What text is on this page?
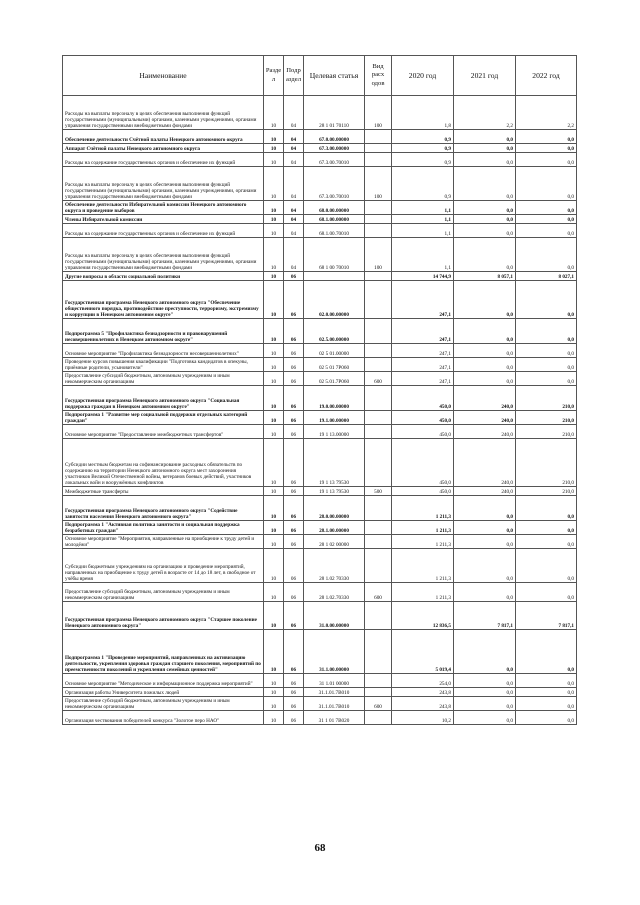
Наименование	Разде л	Подр аздел	Целевая статья	Вид расх одов	2020 год	2021 год	2022 год
Расходы на выплаты персоналу в целях обеспечения выполнения функций государственными (муниципальными) органами, казенными учреждениями, органами управления государственными внебюджетными фондами	10	04	28 1 01 70110	100	1,8	2,2	2,2
Обеспечение деятельности Счётной палаты Ненецкого автономного округа	10	04	67.0.00.00000		0,9	0,0	0,0
Аппарат Счётной палаты Ненецкого автономного округа	10	04	67.3.00.00000		0,9	0,0	0,0
Расходы на содержание государственных органов и обеспечение их функций	10	04	67.3.00.70010		0,9	0,0	0,0
Расходы на выплаты персоналу в целях обеспечения выполнения функций государственными (муниципальными) органами, казенными учреждениями, органами управления государственными внебюджетными фондами	10	04	67.3.00.70010	100	0,9	0,0	0,0
Обеспечение деятельности Избирательной комиссии Ненецкого автономного округа и проведение выборов	10	04	68.0.00.00000		1,1	0,0	0,0
Члены Избирательной комиссии	10	04	68.1.00.00000		1,1	0,0	0,0
Расходы на содержание государственных органов и обеспечение их функций	10	04	68.1.00.70010		1,1	0,0	0,0
Расходы на выплаты персоналу в целях обеспечения выполнения функций государственными (муниципальными) органами, казенными учреждениями, органами управления государственными внебюджетными фондами	10	04	68 1 00 70010	100	1,1	0,0	0,0
Другие вопросы в области социальной политики	10	06			14 744,9	8 057,1	8 027,1
Государственная программа Ненецкого автономного округа "Обеспечение общественного порядка, противодействие преступности, терроризму, экстремизму и коррупции в Ненецком автономном округе"	10	06	02.0.00.00000		247,1	0,0	0,0
Подпрограмма 5 "Профилактика безнадзорности и правонарушений несовершеннолетних в Ненецком автономном округе"	10	06	02.5.00.00000		247,1	0,0	0,0
Основное мероприятие "Профилактика безнадзорности несовершеннолетних"	10	06	02 5 01.00000		247,1	0,0	0,0
Проведение курсов повышения квалификации "Подготовка кандидатов в опекуны, приёмные родители, усыновители"	10	06	02 5 01 7Р060		247,1	0,0	0,0
Предоставление субсидий бюджетным, автономным учреждениям и иным некоммерческим организациям	10	06	02 5.01.7Р060	600	247,1	0,0	0,0
Государственная программа Ненецкого автономного округа "Социальная поддержка граждан в Ненецком автономном округе"	10	06	19.0.00.00000		450,0	240,0	210,0
Подпрограмма 1 "Развитие мер социальной поддержки отдельных категорий граждан"	10	06	19.1.00.00000		450,0	240,0	210,0
Основное мероприятие "Предоставление межбюджетных трансфертов"	10	06	19 1 13.00000		450,0	240,0	210,0
Субсидии местным бюджетам на софинансирование расходных обязательств по содержанию на территории Ненецкого автономного округа мест захоронения участников Великой Отечественной войны, ветеранов боевых действий, участников локальных войн и вооружённых конфликтов	10	06	19 1 13 79530		450,0	240,0	210,0
Межбюджетные трансферты	10	06	19 1 13 79530	500	450,0	240,0	210,0
Государственная программа Ненецкого автономного округа "Содействие занятости населения Ненецкого автономного округа"	10	06	28.0.00.00000		1 211,3	0,0	0,0
Подпрограмма 1 "Активная политика занятости и социальная поддержка безработных граждан"	10	06	28.1.00.00000		1 211,3	0,0	0,0
Основное мероприятие "Мероприятия, направленные на приобщение к труду детей и молодёжи"	10	06	28 1 02 00000		1 211,3	0,0	0,0
Субсидии бюджетным учреждениям на организацию и проведение мероприятий, направленных на приобщение к труду детей в возрасте от 14 до 18 лет, в свободное от учёбы время	10	06	28 1.02 70330		1 211,3	0,0	0,0
Предоставление субсидий бюджетным, автономным учреждениям и иным некоммерческим организациям	10	06	28 1.02.70330	600	1 211,3	0,0	0,0
Государственная программа Ненецкого автономного округа "Старшее поколение Ненецкого автономного округа"	10	06	31.0.00.00000		12 836,5	7 817,1	7 817,1
Подпрограмма 1 "Проведение мероприятий, направленных на активизацию деятельности, укрепления здоровья граждан старшего поколения, мероприятий по преемственности поколений и укрепления семейных ценностей"	10	06	31.1.00.00000		5 019,4	0,0	0,0
Основное мероприятие "Методическое и информационное поддержка мероприятий"	10	06	31 1.01 00000		254,0	0,0	0,0
Организация работы Университета пожилых людей	10	06	31.1.01.7В010		243,8	0,0	0,0
Предоставление субсидий бюджетным, автономным учреждениям и иным некоммерческим организациям	10	06	31.1.01.7В010	600	243,8	0,0	0,0
Организация чествования победителей конкурса "Золотое перо НАО"	10	06	31 1 01 7В020		10,2	0,0	0,0
68
